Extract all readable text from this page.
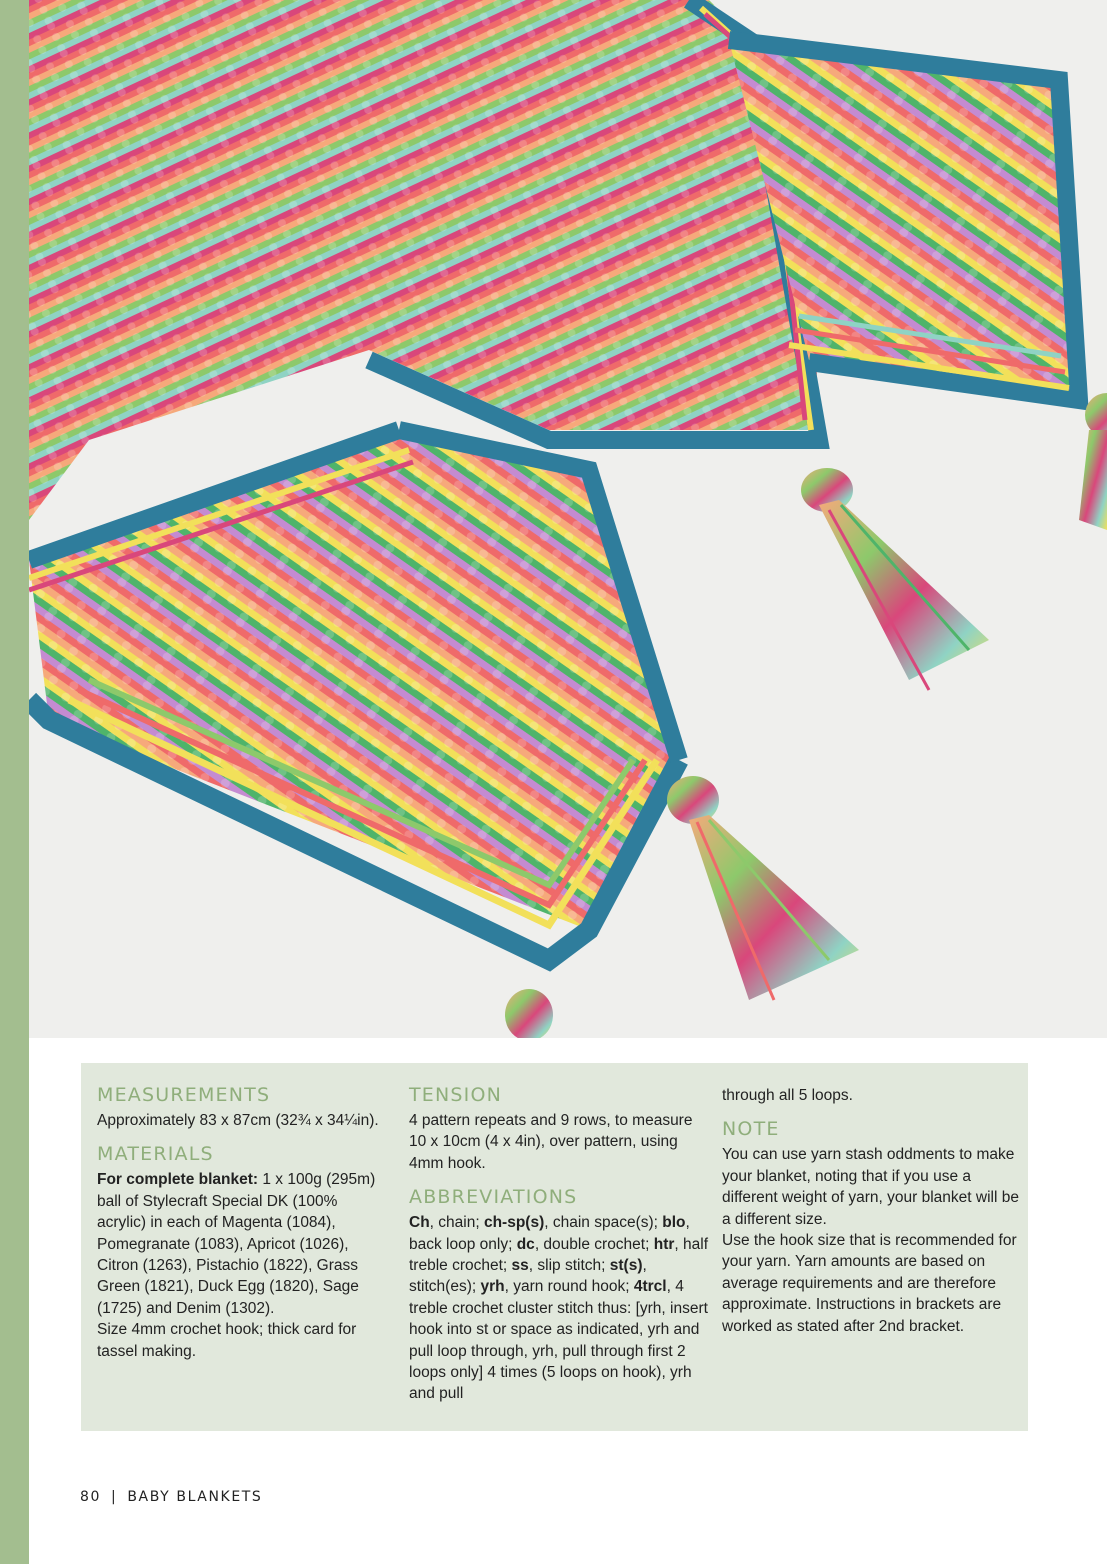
MEASUREMENTS

Approximately 83 x 87cm (32¾ x 34¼in).

MATERIALS

For complete blanket: 1 x 100g (295m) ball of Stylecraft Special DK (100% acrylic) in each of Magenta (1084), Pomegranate (1083), Apricot (1026), Citron (1263), Pistachio (1822), Grass Green (1821), Duck Egg (1820), Sage (1725) and Denim (1302).

Size 4mm crochet hook; thick card for tassel making.

TENSION

4 pattern repeats and 9 rows, to measure 10 x 10cm (4 x 4in), over pattern, using 4mm hook.

ABBREVIATIONS

Ch, chain; ch-sp(s), chain space(s); blo, back loop only; dc, double crochet; htr, half treble crochet; ss, slip stitch; st(s), stitch(es); yrh, yarn round hook; 4trcl, 4 treble crochet cluster stitch thus: [yrh, insert hook into st or space as indicated, yrh and pull loop through, yrh, pull through first 2 loops only] 4 times (5 loops on hook), yrh and pull

through all 5 loops.

NOTE

You can use yarn stash oddments to make your blanket, noting that if you use a different weight of yarn, your blanket will be a different size.

Use the hook size that is recommended for your yarn. Yarn amounts are based on average requirements and are therefore approximate. Instructions in brackets are worked as stated after 2nd bracket.

80 | BABY BLANKETS
